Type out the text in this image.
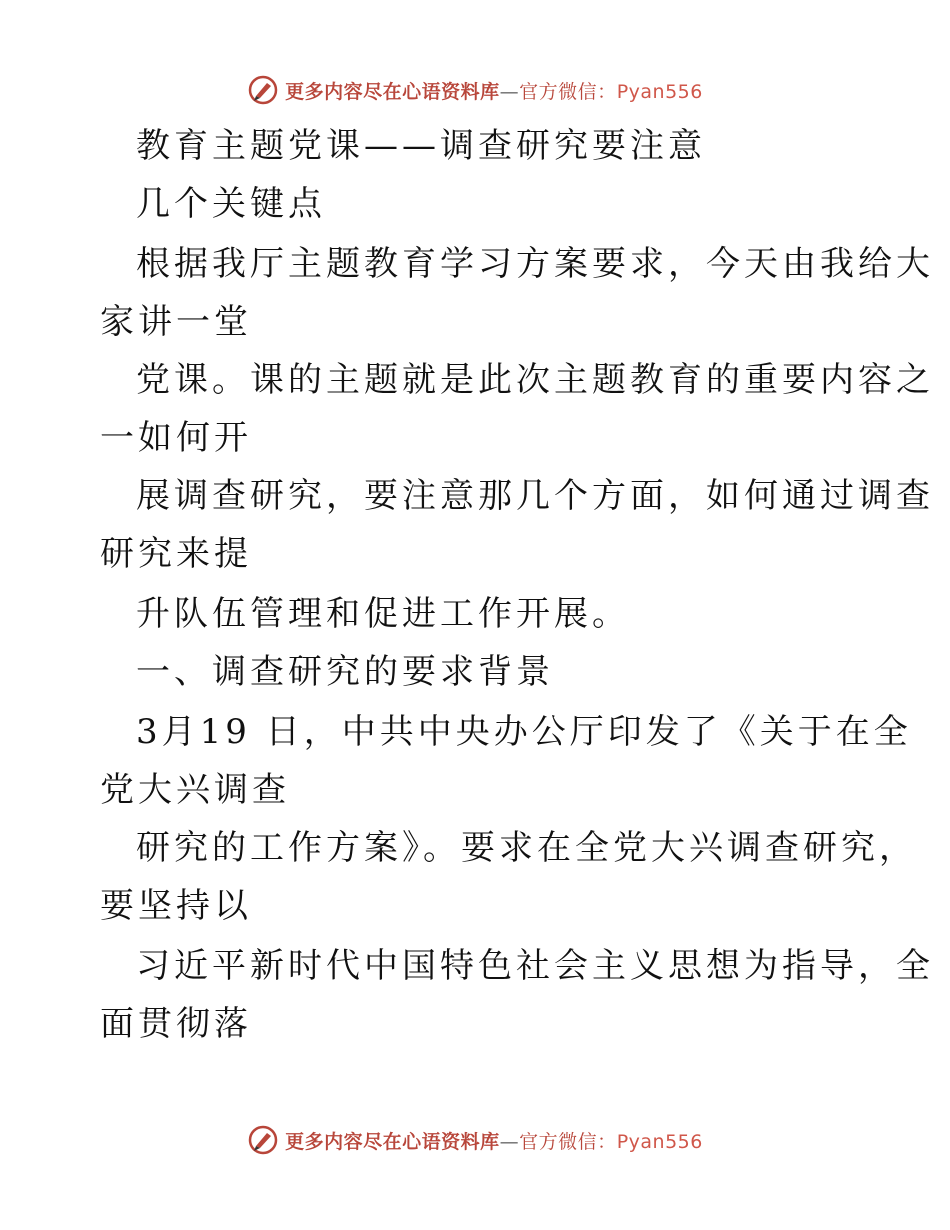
更多内容尽在心语资料库—官方微信：Pyan556
教育主题党课——调查研究要注意
几个关键点
根据我厅主题教育学习方案要求，今天由我给大
家讲一堂
党课。课的主题就是此次主题教育的重要内容之
一如何开
展调查研究，要注意那几个方面，如何通过调查
研究来提
升队伍管理和促进工作开展。
一、调查研究的要求背景
3月19 日，中共中央办公厅印发了《关于在全
党大兴调查
研究的工作方案》。要求在全党大兴调查研究，
要坚持以
习近平新时代中国特色社会主义思想为指导，全
面贯彻落
更多内容尽在心语资料库—官方微信：Pyan556
